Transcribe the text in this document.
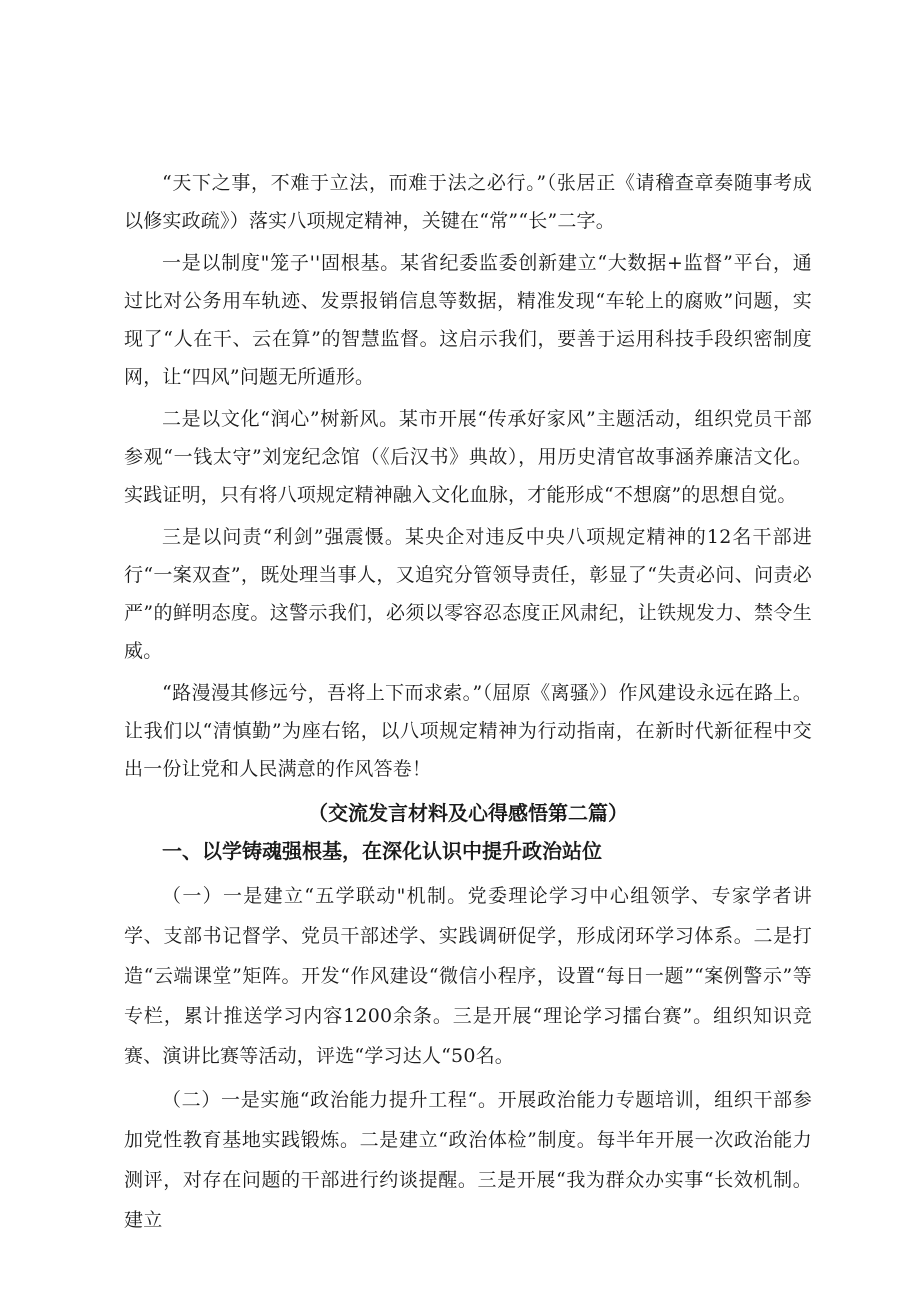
“天下之事，不难于立法，而难于法之必行。”（张居正《请稽查章奏随事考成以修实政疏》）落实八项规定精神，关键在“常”“长”二字。

一是以制度"笼子''固根基。某省纪委监委创新建立“大数据+监督”平台，通过比对公务用车轨迹、发票报销信息等数据，精准发现“车轮上的腐败”问题，实现了“人在干、云在算”的智慧监督。这启示我们，要善于运用科技手段织密制度网，让“四风”问题无所遁形。

二是以文化“润心”树新风。某市开展“传承好家风”主题活动，组织党员干部参观“一钱太守”刘宠纪念馆（《后汉书》典故），用历史清官故事涵养廉洁文化。实践证明，只有将八项规定精神融入文化血脉，才能形成“不想腐”的思想自觉。

三是以问责“利剑”强震慑。某央企对违反中央八项规定精神的12名干部进行“一案双查”，既处理当事人，又追究分管领导责任，彰显了“失责必问、问责必严”的鲜明态度。这警示我们，必须以零容忍态度正风肃纪，让铁规发力、禁令生威。

“路漫漫其修远兮，吾将上下而求索。”（屈原《离骚》）作风建设永远在路上。让我们以“清慎勤”为座右铭，以八项规定精神为行动指南，在新时代新征程中交出一份让党和人民满意的作风答卷！

（交流发言材料及心得感悟第二篇）
一、以学铸魂强根基，在深化认识中提升政治站位

（一）一是建立“五学联动"机制。党委理论学习中心组领学、专家学者讲学、支部书记督学、党员干部述学、实践调研促学，形成闭环学习体系。二是打造“云端课堂”矩阵。开发“作风建设“微信小程序，设置“每日一题”“案例警示”等专栏，累计推送学习内容1200余条。三是开展“理论学习擂台赛”。组织知识竞赛、演讲比赛等活动，评选“学习达人“50名。

（二）一是实施“政治能力提升工程“。开展政治能力专题培训，组织干部参加党性教育基地实践锻炼。二是建立“政治体检”制度。每半年开展一次政治能力测评，对存在问题的干部进行约谈提醒。三是开展“我为群众办实事“长效机制。建立
